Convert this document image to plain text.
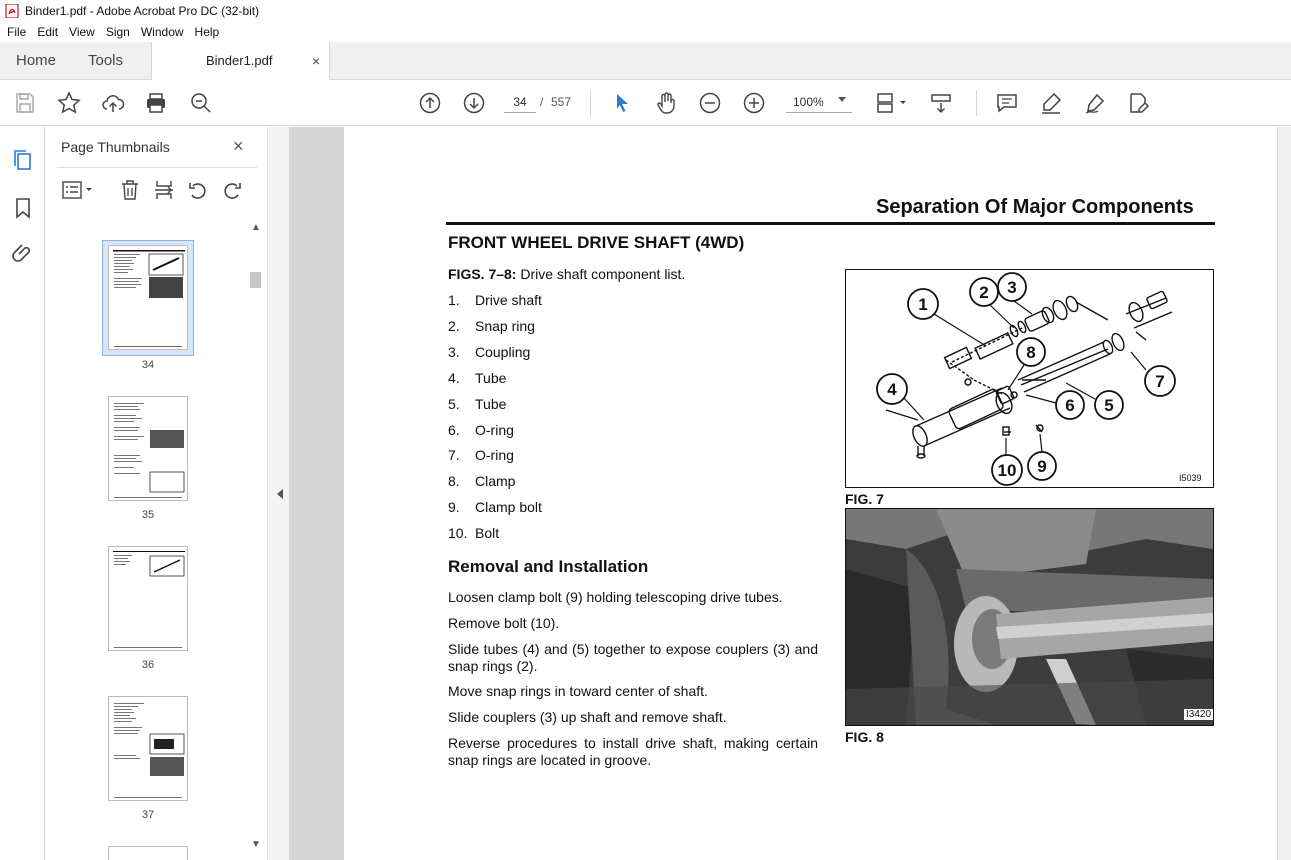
Binder1.pdf - Adobe Acrobat Pro DC (32-bit)
File Edit View Sign Window Help
Home Tools	Binder1.pdf	×
34
/ 557	100%
Page Thumbnails	×
34
35
36
37
▲
▼
Separation Of Major Components
FRONT WHEEL DRIVE SHAFT (4WD)
FIGS. 7–8: Drive shaft component list.
1. Drive shaft
2. Snap ring
3. Coupling
4. Tube
5. Tube
6. O-ring
7. O-ring
8. Clamp
9. Clamp bolt
10. Bolt
Removal and Installation
Loosen clamp bolt (9) holding telescoping drive tubes.
Remove bolt (10).
Slide tubes (4) and (5) together to expose couplers (3) and snap rings (2).
Move snap rings in toward center of shaft.
Slide couplers (3) up shaft and remove shaft.
Reverse procedures to install drive shaft, making certain snap rings are located in groove.
1
2 3
4
5
6
7
8
9
10	I5039
FIG. 7
I3420
FIG. 8
